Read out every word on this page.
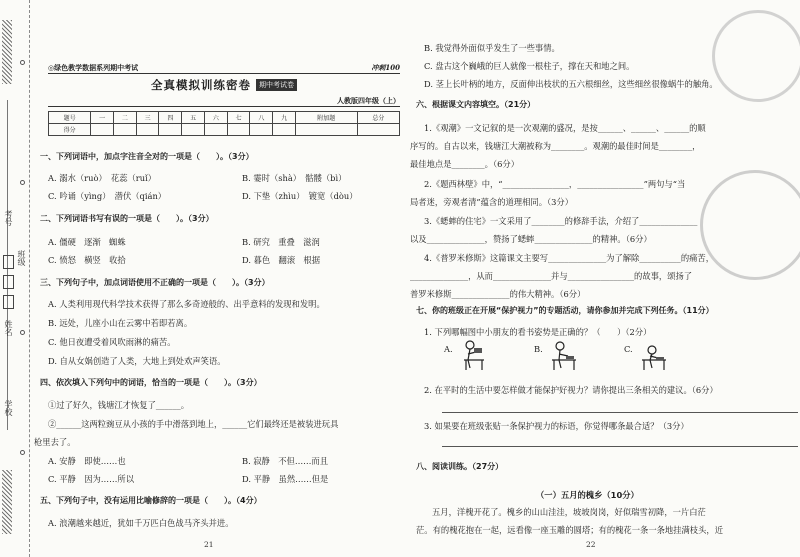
考号
姓名
班级
学校
◎绿色教学数据系列期中考试	冲刺100
全真模拟训练密卷	期中考试卷
人教版四年级（上）
题号	一	二	三	四	五	六	七	八	九	附加题	总分
得分											
一、下列词语中，加点字注音全对的一项是（　　）。（3分）
A. 溺水（ruò）　花蕊（ruǐ）	B. 霎时（shà）　骷髅（bì）
C. 吟诵（yìng）　潜伏（qián）	D. 下垫（zhìu）　镀宽（dòu）
二、下列词语书写有误的一项是（　　）。（3分）
A. 僵硬　逐渐　蜘蛛	B. 研究　重叠　滋润
C. 愤怒　横竖　收拾	D. 暮色　翻滚　根据
三、下列句子中，加点词语使用不正确的一项是（　　）。（3分）
A. 人类利用现代科学技术获得了那么多奇迹般的、出乎意料的发现和发明。
B. 远处，儿座小山在云雾中若即若离。
C. 他日夜遭受着风吹雨淋的痛苦。
D. 自从女娲创造了人类，大地上到处欢声笑语。
四、依次填入下列句中的词语，恰当的一项是（　　）。（3分）
①过了好久，钱塘江才恢复了______。
②______这两粒豌豆从小孩的手中滑落到地上，______它们最终还是被装进玩具
枪里去了。
A. 安静　即使……也	B. 寂静　不但……而且
C. 平静　因为……所以	D. 平静　虽然……但是
五、下列句子中，没有运用比喻修辞的一项是（　　）。（4分）
A. 浪潮越来越近，犹如千万匹白色战马齐头并进。
21
B. 我觉得外面似乎发生了一些事情。
C. 盘古这个巍峨的巨人就像一根柱子，撑在天和地之间。
D. 茎上长叶柄的地方，反面伸出枝状的五六根细丝，这些细丝很像蜗牛的触角。
六、根据课文内容填空。（21分）
1.《观潮》一文记叙的是一次观潮的盛况，是按______、______、______的顺
序写的。自古以来，钱塘江大潮被称为________。观潮的最佳时间是________，
最佳地点是________。（6分）
2.《题西林壁》中，“________________，________________”两句与“当
局者迷，旁观者清”蕴含的道理相同。（3分）
3.《蟋蟀的住宅》一文采用了________的修辞手法，介绍了______________
以及______________，赞扬了蟋蟀______________的精神。（6分）
4.《普罗米修斯》这篇课文主要写______________为了解除__________的痛苦，
______________，从而______________并与________________的故事，颂扬了
普罗米修斯______________的伟大精神。（6分）
七、你的班级正在开展“保护视力”的专题活动，请你参加并完成下列任务。（11分）
1. 下列哪幅图中小朋友的看书姿势是正确的？（　　）（2分）
A.	B.	C.
2. 在平时的生活中要怎样做才能保护好视力？请你提出三条相关的建议。（6分）
3. 如果要在班级张贴一条保护视力的标语，你觉得哪条最合适？（3分）
八、阅读训练。（27分）
（一）五月的槐乡（10分）
五月，洋槐开花了。槐乡的山山洼洼，坡坡岗岗，好似瑞雪初降，一片白茫
茫。有的槐花抱在一起，远看像一座玉雕的圆塔；有的槐花一条一条地挂满枝头，近
22
